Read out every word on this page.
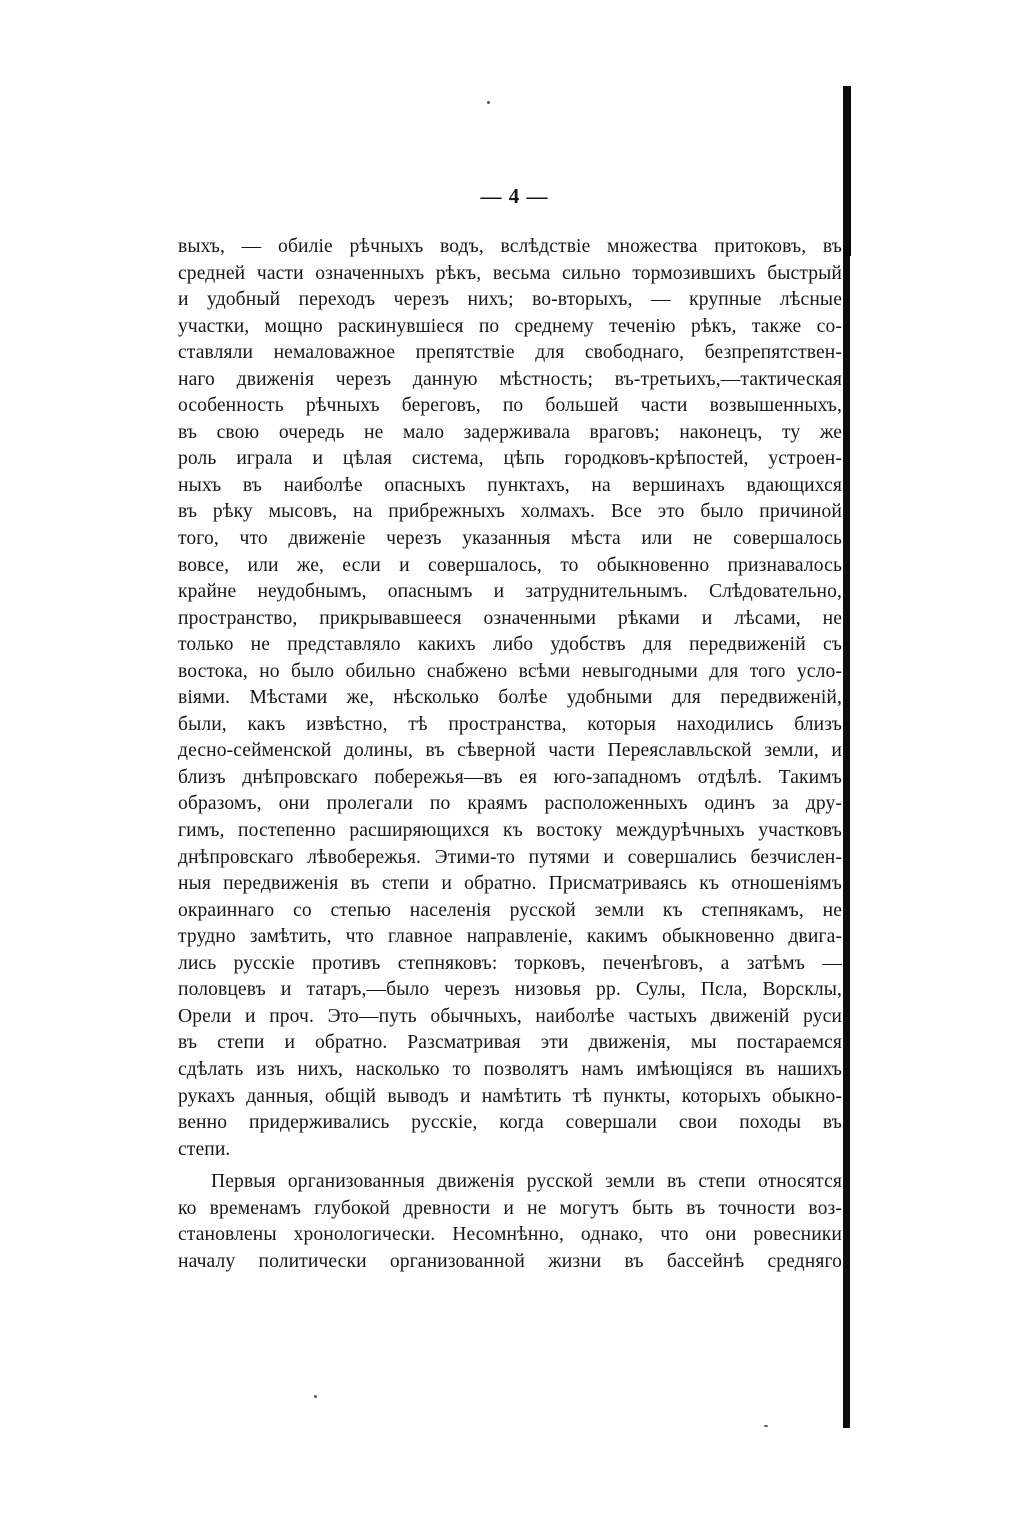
— 4 —
выхъ, — обиліе рѣчныхъ водъ, вслѣдствіе множества притоковъ, въ
средней части означенныхъ рѣкъ, весьма сильно тормозившихъ быстрый
и удобный переходъ черезъ нихъ; во-вторыхъ, — крупные лѣсные
участки, мощно раскинувшіеся по среднему теченію рѣкъ, также со-
ставляли немаловажное препятствіе для свободнаго, безпрепятствен-
наго движенія черезъ данную мѣстность; въ-третьихъ,—тактическая
особенность рѣчныхъ береговъ, по большей части возвышенныхъ,
въ свою очередь не мало задерживала враговъ; наконецъ, ту же
роль играла и цѣлая система, цѣпь городковъ-крѣпостей, устроен-
ныхъ въ наиболѣе опасныхъ пунктахъ, на вершинахъ вдающихся
въ рѣку мысовъ, на прибрежныхъ холмахъ. Все это было причиной
того, что движеніе черезъ указанныя мѣста или не совершалось
вовсе, или же, если и совершалось, то обыкновенно признавалось
крайне неудобнымъ, опаснымъ и затруднительнымъ. Слѣдовательно,
пространство, прикрывавшееся означенными рѣками и лѣсами, не
только не представляло какихъ либо удобствъ для передвиженій съ
востока, но было обильно снабжено всѣми невыгодными для того усло-
віями. Мѣстами же, нѣсколько болѣе удобными для передвиженій,
были, какъ извѣстно, тѣ пространства, которыя находились близъ
десно-сейменской долины, въ сѣверной части Переяславльской земли, и
близъ днѣпровскаго побережья—въ ея юго-западномъ отдѣлѣ. Такимъ
образомъ, они пролегали по краямъ расположенныхъ одинъ за дру-
гимъ, постепенно расширяющихся къ востоку междурѣчныхъ участковъ
днѣпровскаго лѣвобережья. Этими-то путями и совершались безчислен-
ныя передвиженія въ степи и обратно. Присматриваясь къ отношеніямъ
окраиннаго со степью населенія русской земли къ степнякамъ, не
трудно замѣтить, что главное направленіе, какимъ обыкновенно двига-
лись русскіе противъ степняковъ: торковъ, печенѣговъ, а затѣмъ —
половцевъ и татаръ,—было черезъ низовья рр. Сулы, Псла, Ворсклы,
Орели и проч. Это—путь обычныхъ, наиболѣе частыхъ движеній руси
въ степи и обратно. Разсматривая эти движенія, мы постараемся
сдѣлать изъ нихъ, насколько то позволятъ намъ имѣющіяся въ нашихъ
рукахъ данныя, общій выводъ и намѣтить тѣ пункты, которыхъ обыкно-
венно придерживались русскіе, когда совершали свои походы въ
степи.
Первыя организованныя движенія русской земли въ степи относятся
ко временамъ глубокой древности и не могутъ быть въ точности воз-
становлены хронологически. Несомнѣнно, однако, что они ровесники
началу политически организованной жизни въ бассейнѣ средняго
